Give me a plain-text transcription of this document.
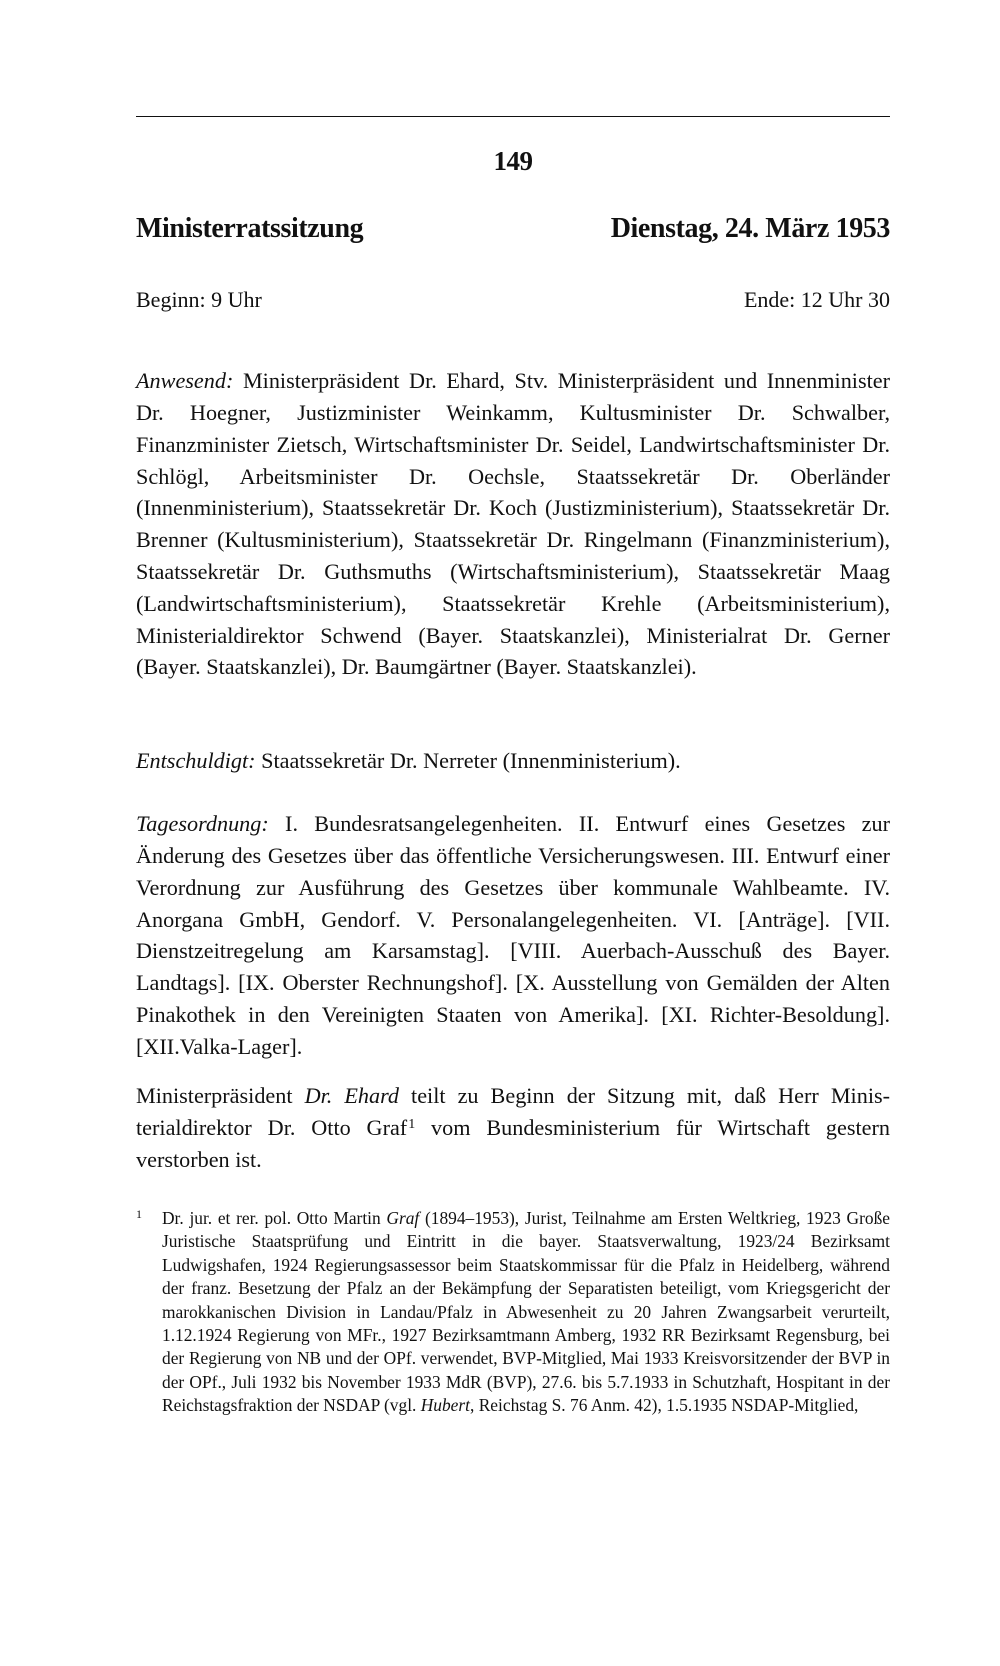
149
Ministerratssitzung	Dienstag, 24. März 1953
Beginn: 9 Uhr	Ende: 12 Uhr 30

Anwesend: Ministerpräsident Dr. Ehard, Stv. Ministerpräsident und Innenminister Dr. Hoegner, Justizminister Weinkamm, Kultusminister Dr. Schwalber, Finanzminister Zietsch, Wirtschaftsminister Dr. Seidel, Landwirtschaftsminister Dr. Schlögl, Arbeitsminister Dr. Oechsle, Staatssekretär Dr. Oberländer (Innenministerium), Staatssekretär Dr. Koch (Justizministerium), Staatssekretär Dr. Brenner (Kultusministerium), Staatssekretär Dr. Ringelmann (Finanzministerium), Staatssekretär Dr. Guthsmuths (Wirtschaftsministerium), Staatssekretär Maag (Landwirtschaftsministerium), Staatssekretär Krehle (Arbeitsministerium), Ministerialdirektor Schwend (Bayer. Staatskanzlei), Ministerialrat Dr. Gerner (Bayer. Staatskanzlei), Dr. Baumgärtner (Bayer. Staatskanzlei).

Entschuldigt: Staatssekretär Dr. Nerreter (Innenministerium).

Tagesordnung: I. Bundesratsangelegenheiten. II. Entwurf eines Gesetzes zur Änderung des Gesetzes über das öffentliche Versicherungswesen. III. Entwurf einer Verordnung zur Ausführung des Gesetzes über kommunale Wahlbeamte. IV. Anorgana GmbH, Gendorf. V. Personalangelegenheiten. VI. [Anträge]. [VII. Dienstzeitregelung am Karsamstag]. [VIII. Auerbach-Ausschuß des Bayer. Landtags]. [IX. Oberster Rechnungshof]. [X. Ausstellung von Gemälden der Alten Pinakothek in den Vereinigten Staaten von Amerika]. [XI. Richter-Besoldung]. [XII.Valka-Lager].

Ministerpräsident Dr. Ehard teilt zu Beginn der Sitzung mit, daß Herr Ministerialdirektor Dr. Otto Graf$^1$ vom Bundesministerium für Wirtschaft gestern verstorben ist.

1 Dr. jur. et rer. pol. Otto Martin Graf (1894–1953), Jurist, Teilnahme am Ersten Weltkrieg, 1923 Große Juristische Staatsprüfung und Eintritt in die bayer. Staatsverwaltung, 1923/24 Bezirksamt Ludwigshafen, 1924 Regierungsassessor beim Staatskommissar für die Pfalz in Heidelberg, während der franz. Besetzung der Pfalz an der Bekämpfung der Separatisten beteiligt, vom Kriegsgericht der marokkanischen Division in Landau/Pfalz in Abwesenheit zu 20 Jahren Zwangsarbeit verurteilt, 1.12.1924 Regierung von MFr., 1927 Bezirksamtmann Amberg, 1932 RR Bezirksamt Regensburg, bei der Regierung von NB und der OPf. verwendet, BVP-Mitglied, Mai 1933 Kreisvorsitzender der BVP in der OPf., Juli 1932 bis November 1933 MdR (BVP), 27.6. bis 5.7.1933 in Schutzhaft, Hospitant in der Reichstagsfraktion der NSDAP (vgl. Hubert, Reichstag S. 76 Anm. 42), 1.5.1935 NSDAP-Mitglied,
